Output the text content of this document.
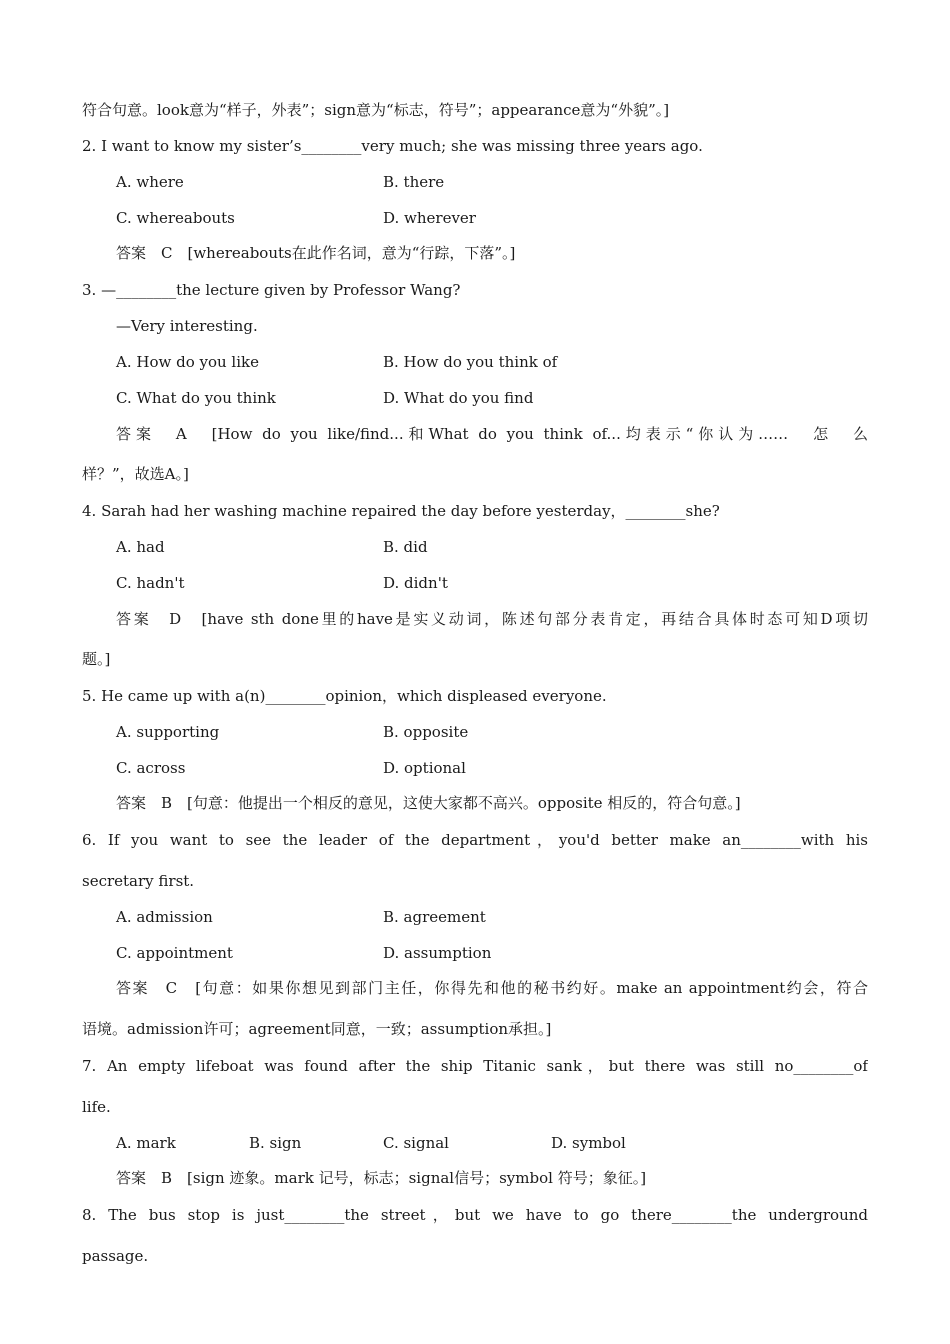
符合句意。look意为“样子，外表”；sign意为“标志，符号”；appearance意为“外貌”。]
2. I want to know my sister’s________very much; she was missing three years ago.
A. where	B. there
C. whereabouts	D. wherever
答案　C　[whereabouts在此作名词，意为“行踪，下落”。]
3. —________the lecture given by Professor Wang?
—Very interesting.
A. How do you like	B. How do you think of
C. What do you think	D. What do you find
答案　A　[How do you like/find...和What do you think of...均表示“你认为……　怎　么
样？”，故选A。]
4. Sarah had her washing machine repaired the day before yesterday，________she?
A. had	B. did
C. hadn't	D. didn't
答案　D　[have sth done里的have是实义动词，陈述句部分表肯定，再结合具体时态可知D项切
题。]
5. He came up with a(n)________opinion，which displeased everyone.
A. supporting	B. opposite
C. across	D. optional
答案　B　[句意：他提出一个相反的意见，这使大家都不高兴。opposite 相反的，符合句意。]
6. If you want to see the leader of the department，you'd better make an________with his
secretary first.
A. admission	B. agreement
C. appointment	D. assumption
答案　C　[句意：如果你想见到部门主任，你得先和他的秘书约好。make an appointment约会，符合
语境。admission许可；agreement同意，一致；assumption承担。]
7. An empty lifeboat was found after the ship Titanic sank，but there was still no________of
life.
A. mark	B. sign	C. signal	D. symbol
答案　B　[sign 迹象。mark 记号，标志；signal信号；symbol 符号；象征。]
8. The bus stop is just________the street，but we have to go there________the underground
passage.
